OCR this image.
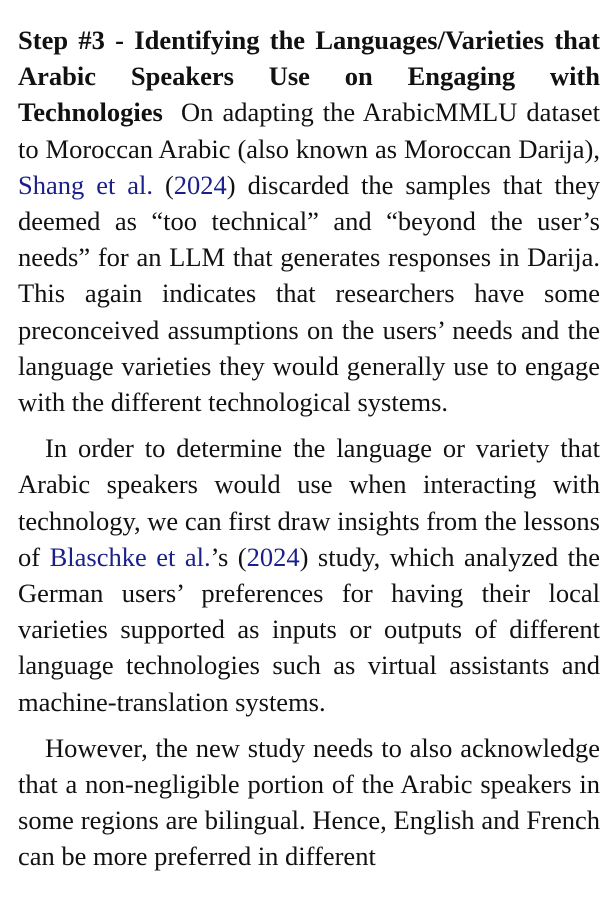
Step #3 - Identifying the Languages/Varieties that Arabic Speakers Use on Engaging with Technologies On adapting the ArabicMMLU dataset to Moroccan Arabic (also known as Moroccan Darija), Shang et al. (2024) discarded the samples that they deemed as “too technical” and “beyond the user’s needs” for an LLM that generates responses in Darija. This again indicates that researchers have some preconceived assumptions on the users’ needs and the language varieties they would generally use to engage with the different technological systems.

In order to determine the language or variety that Arabic speakers would use when interacting with technology, we can first draw insights from the lessons of Blaschke et al.’s (2024) study, which analyzed the German users’ preferences for having their local varieties supported as inputs or outputs of different language technologies such as virtual assistants and machine-translation systems.

However, the new study needs to also acknowledge that a non-negligible portion of the Arabic speakers in some regions are bilingual. Hence, English and French can be more preferred in different
